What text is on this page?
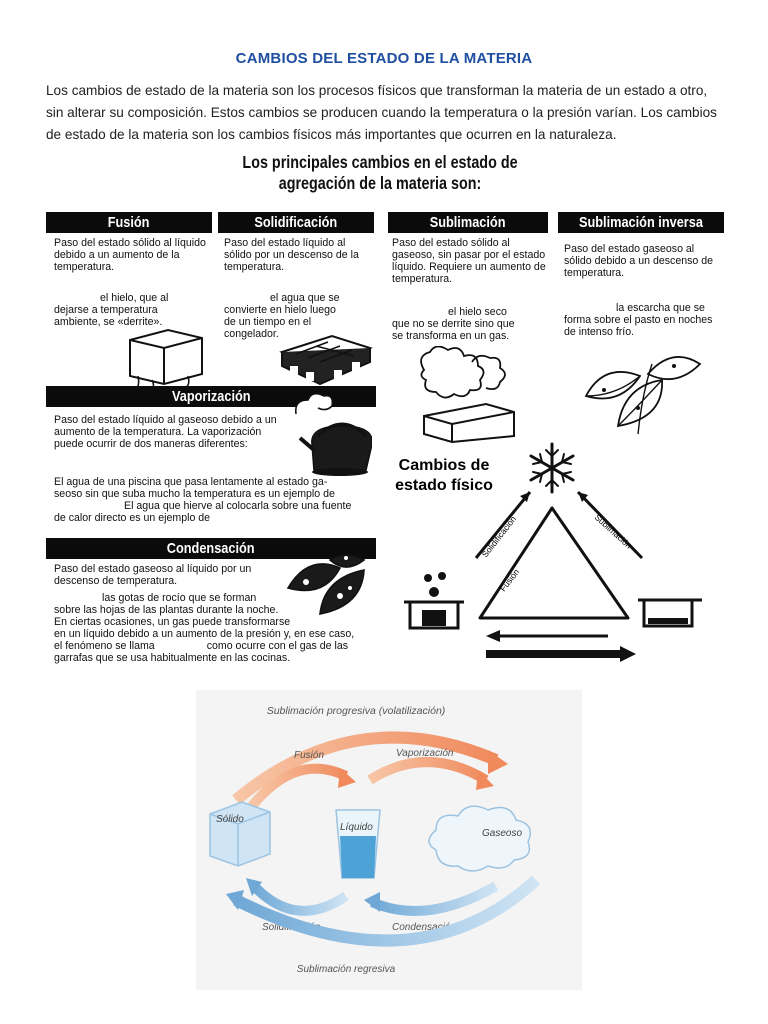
CAMBIOS DEL ESTADO DE LA MATERIA
Los cambios de estado de la materia son los procesos físicos que transforman la materia de un estado a otro, sin alterar su composición. Estos cambios se producen cuando la temperatura o la presión varían. Los cambios de estado de la materia son los cambios físicos más importantes que ocurren en la naturaleza.
Los principales cambios en el estado de
agregación de la materia son:
Fusión
Paso del estado sólido al líquido debido a un aumento de la temperatura.
el hielo, que al dejarse a temperatura ambiente, se «derrite».
Solidificación
Paso del estado líquido al sólido por un descenso de la temperatura.
el agua que se convierte en hielo luego de un tiempo en el congelador.
Sublimación
Paso del estado sólido al gaseoso, sin pasar por el estado líquido. Requiere un aumento de temperatura.
el hielo seco que no se derrite sino que se transforma en un gas.
Sublimación inversa
Paso del estado gaseoso al sólido debido a un descenso de temperatura.
la escarcha que se forma sobre el pasto en noches de intenso frío.
Vaporización
Paso del estado líquido al gaseoso debido a un aumento de la temperatura. La vaporización puede ocurrir de dos maneras diferentes:
El agua de una piscina que pasa lentamente al estado ga-
seoso sin que suba mucho la temperatura es un ejemplo de
El agua que hierve al colocarla sobre una fuente
de calor directo es un ejemplo de
Condensación
Paso del estado gaseoso al líquido por un descenso de temperatura.
las gotas de rocío que se forman
sobre las hojas de las plantas durante la noche.
En ciertas ocasiones, un gas puede transformarse
en un líquido debido a un aumento de la presión y, en ese caso,
el fenómeno se llama	como ocurre con el gas de las
garrafas que se usa habitualmente en las cocinas.
Cambios de
estado físico
Solidificación
Fusión
Sublimación
Sublimación progresiva (volatilización)
Fusión	Vaporización
Sólido
Líquido
Gaseoso
Condensación
Solidificación
Sublimación regresiva
